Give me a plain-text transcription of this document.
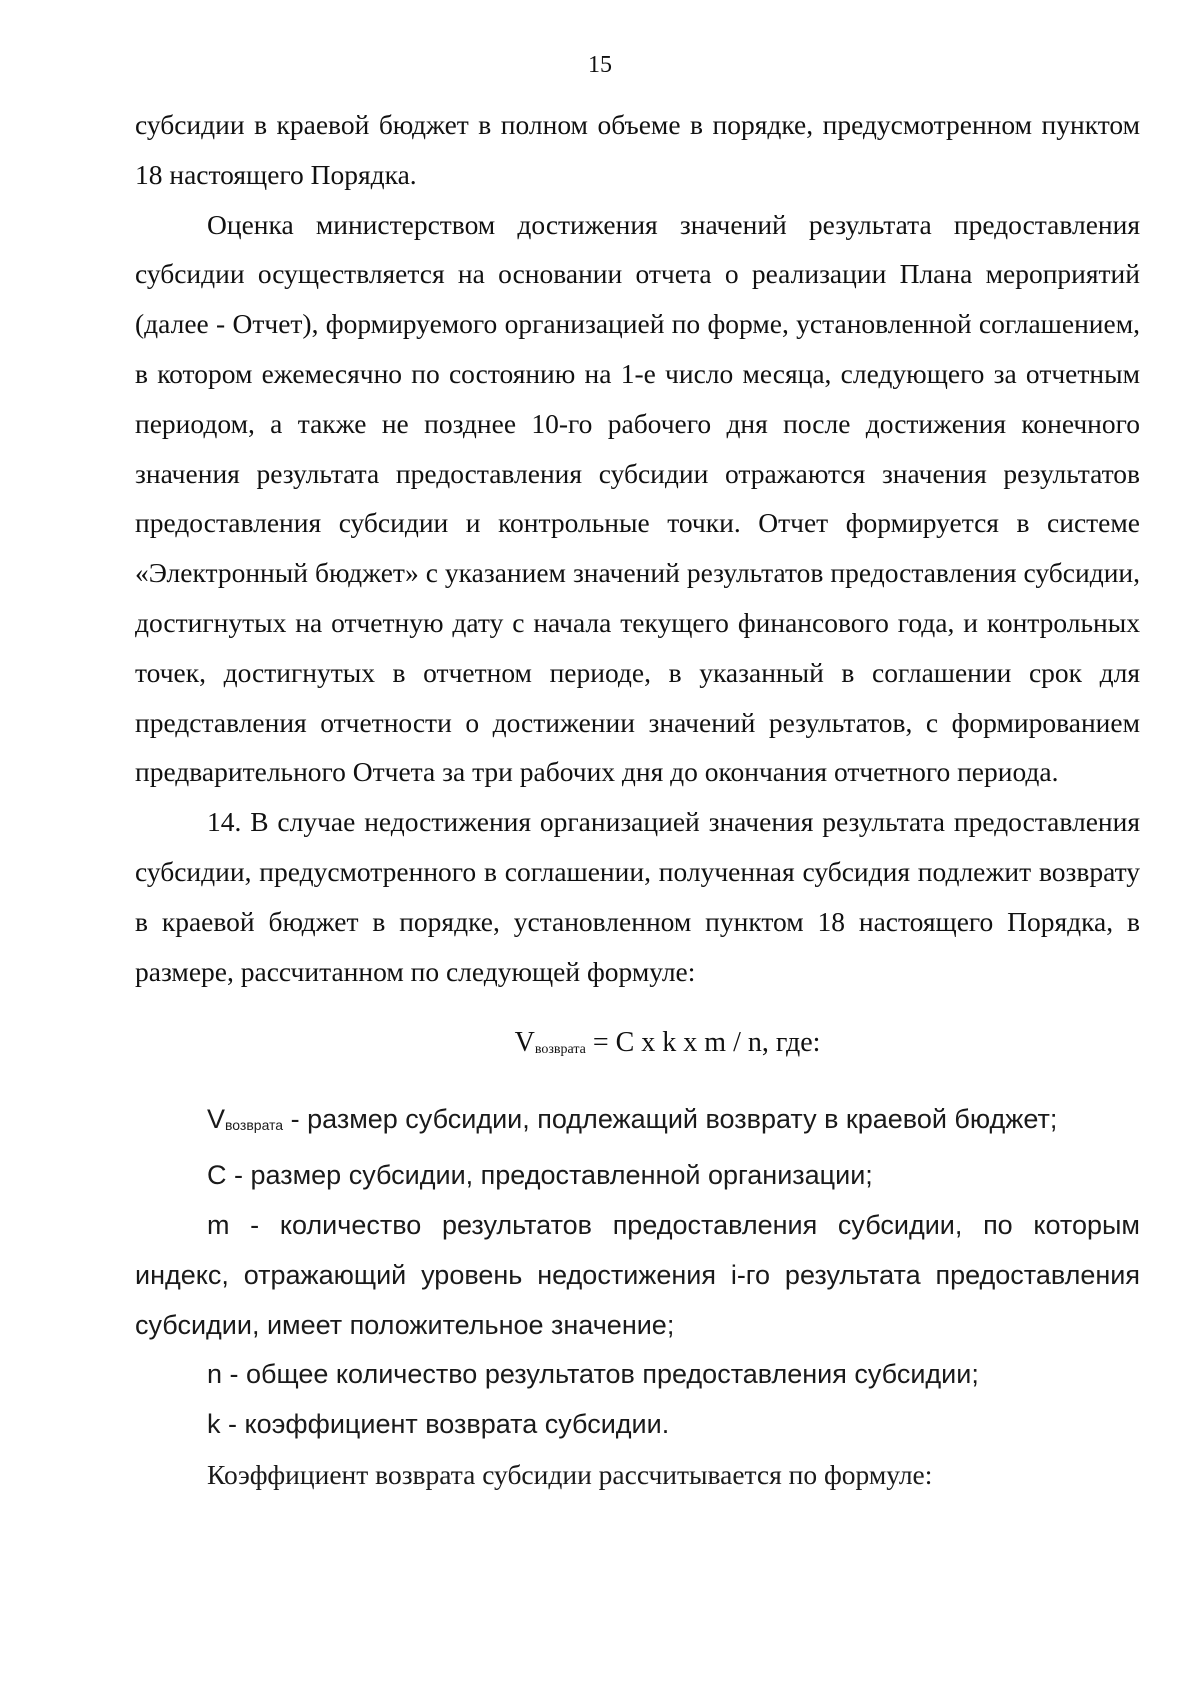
15

субсидии в краевой бюджет в полном объеме в порядке, предусмотренном пунктом 18 настоящего Порядка.

Оценка министерством достижения значений результата предоставления субсидии осуществляется на основании отчета о реализации Плана мероприятий (далее - Отчет), формируемого организацией по форме, установленной соглашением, в котором ежемесячно по состоянию на 1-е число месяца, следующего за отчетным периодом, а также не позднее 10-го рабочего дня после достижения конечного значения результата предоставления субсидии отражаются значения результатов предоставления субсидии и контрольные точки. Отчет формируется в системе «Электронный бюджет» с указанием значений результатов предоставления субсидии, достигнутых на отчетную дату с начала текущего финансового года, и контрольных точек, достигнутых в отчетном периоде, в указанный в соглашении срок для представления отчетности о достижении значений результатов, с формированием предварительного Отчета за три рабочих дня до окончания отчетного периода.

14. В случае недостижения организацией значения результата предоставления субсидии, предусмотренного в соглашении, полученная субсидия подлежит возврату в краевой бюджет в порядке, установленном пунктом 18 настоящего Порядка, в размере, рассчитанном по следующей формуле:

Vвозврата = C x k x m / n, где:

Vвозврата - размер субсидии, подлежащий возврату в краевой бюджет;

C - размер субсидии, предоставленной организации;

m - количество результатов предоставления субсидии, по которым индекс, отражающий уровень недостижения i-го результата предоставления субсидии, имеет положительное значение;

n - общее количество результатов предоставления субсидии;

k - коэффициент возврата субсидии.

Коэффициент возврата субсидии рассчитывается по формуле:
